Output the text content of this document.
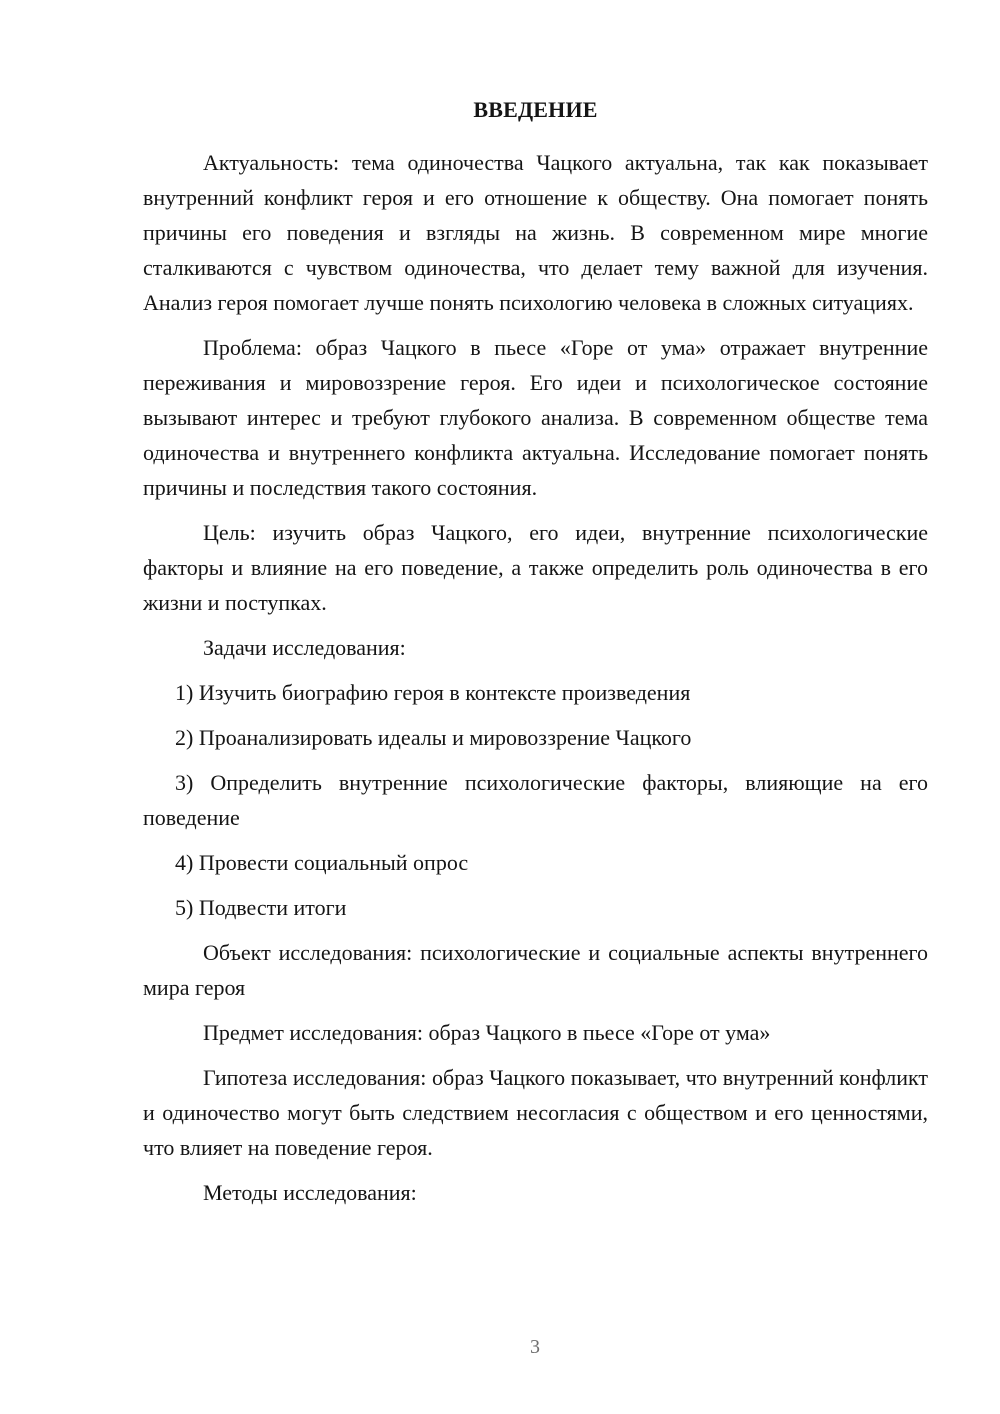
ВВЕДЕНИЕ

Актуальность: тема одиночества Чацкого актуальна, так как показывает внутренний конфликт героя и его отношение к обществу. Она помогает понять причины его поведения и взгляды на жизнь. В современном мире многие сталкиваются с чувством одиночества, что делает тему важной для изучения. Анализ героя помогает лучше понять психологию человека в сложных ситуациях.

Проблема: образ Чацкого в пьесе «Горе от ума» отражает внутренние переживания и мировоззрение героя. Его идеи и психологическое состояние вызывают интерес и требуют глубокого анализа. В современном обществе тема одиночества и внутреннего конфликта актуальна. Исследование помогает понять причины и последствия такого состояния.

Цель: изучить образ Чацкого, его идеи, внутренние психологические факторы и влияние на его поведение, а также определить роль одиночества в его жизни и поступках.

Задачи исследования:

1) Изучить биографию героя в контексте произведения

2) Проанализировать идеалы и мировоззрение Чацкого

3) Определить внутренние психологические факторы, влияющие на его поведение

4) Провести социальный опрос

5) Подвести итоги

Объект исследования: психологические и социальные аспекты внутреннего мира героя

Предмет исследования: образ Чацкого в пьесе «Горе от ума»

Гипотеза исследования: образ Чацкого показывает, что внутренний конфликт и одиночество могут быть следствием несогласия с обществом и его ценностями, что влияет на поведение героя.

Методы исследования:

3
